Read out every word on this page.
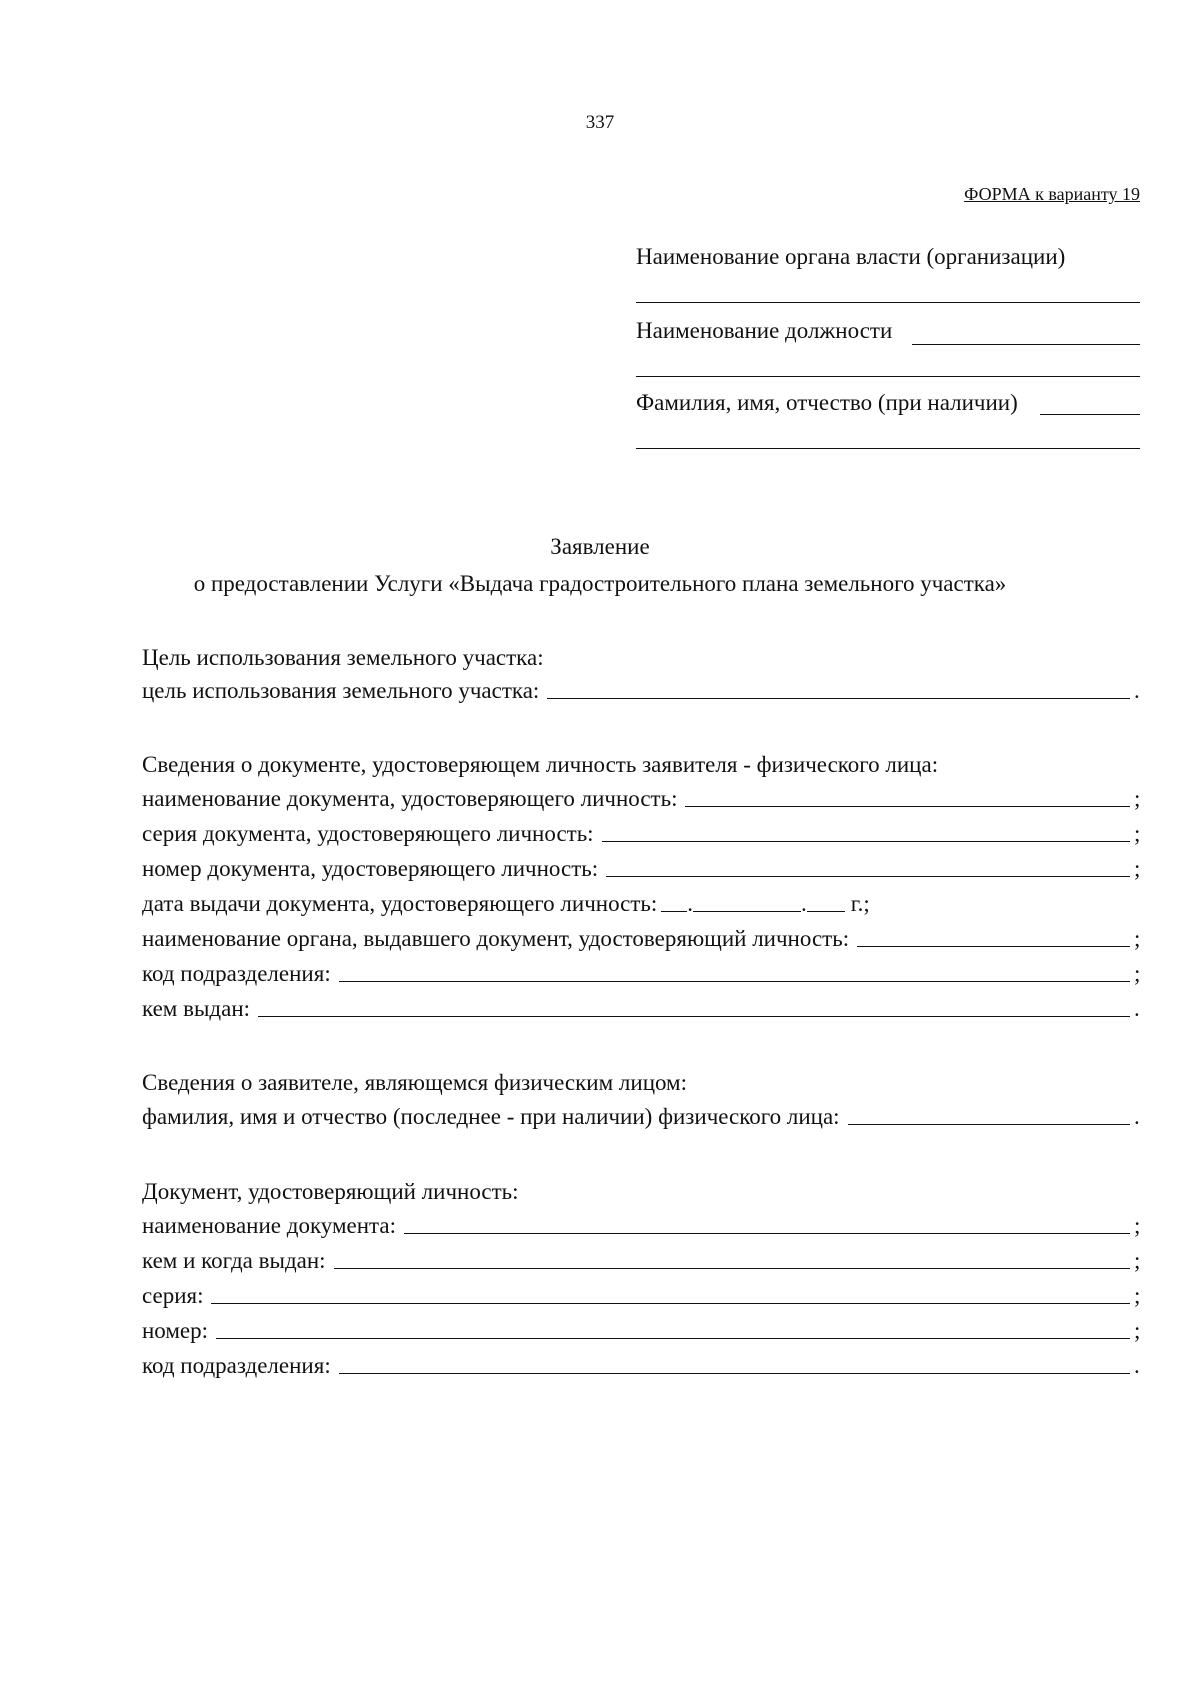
337
ФОРМА к варианту 19
Наименование органа власти (организации)
Наименование должности
Фамилия, имя, отчество (при наличии)
Заявление
о предоставлении Услуги «Выдача градостроительного плана земельного участка»
Цель использования земельного участка:
цель использования земельного участка:	.
Сведения о документе, удостоверяющем личность заявителя - физического лица:
наименование документа, удостоверяющего личность:	;
серия документа, удостоверяющего личность:	;
номер документа, удостоверяющего личность:	;
дата выдачи документа, удостоверяющего личность: .	. г.;
наименование органа, выдавшего документ, удостоверяющий личность:	;
код подразделения:	;
кем выдан:	.
Сведения о заявителе, являющемся физическим лицом:
фамилия, имя и отчество (последнее - при наличии) физического лица:	.
Документ, удостоверяющий личность:
наименование документа:	;
кем и когда выдан:	;
серия:	;
номер:	;
код подразделения:	.
